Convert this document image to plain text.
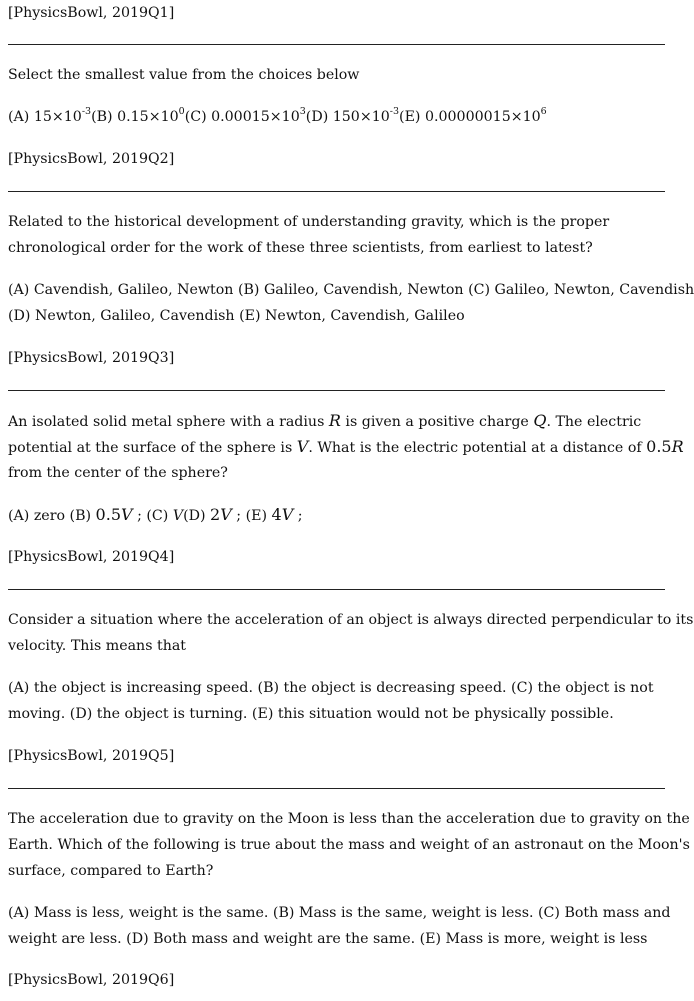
[PhysicsBowl, 2019Q1]
Select the smallest value from the choices below
(A) $15\times 10^{-3}(B)$ $0.15\times 10^0(C)$ $0.00015\times 10^3(D)$ $150\times 10^{-3}(E)$ $0.00000015\times 10^6$
[PhysicsBowl, 2019Q2]
Related to the historical development of understanding gravity, which is the proper
chronological order for the work of these three scientists, from earliest to latest?
(A) Cavendish, Galileo, Newton (B) Galileo, Cavendish, Newton (C) Galileo, Newton, Cavendish
(D) Newton, Galileo, Cavendish (E) Newton, Cavendish, Galileo
[PhysicsBowl, 2019Q3]
An isolated solid metal sphere with a radius R is given a positive charge Q. The electric
potential at the surface of the sphere is V. What is the electric potential at a distance of 0.5R
from the center of the sphere?
(A) zero (B) 0.5V ; (C) V(D) 2V ; (E) 4V ;
[PhysicsBowl, 2019Q4]
Consider a situation where the acceleration of an object is always directed perpendicular to its
velocity. This means that
(A) the object is increasing speed. (B) the object is decreasing speed. (C) the object is not
moving. (D) the object is turning. (E) this situation would not be physically possible.
[PhysicsBowl, 2019Q5]
The acceleration due to gravity on the Moon is less than the acceleration due to gravity on the
Earth. Which of the following is true about the mass and weight of an astronaut on the Moon's
surface, compared to Earth?
(A) Mass is less, weight is the same. (B) Mass is the same, weight is less. (C) Both mass and
weight are less. (D) Both mass and weight are the same. (E) Mass is more, weight is less
[PhysicsBowl, 2019Q6]
